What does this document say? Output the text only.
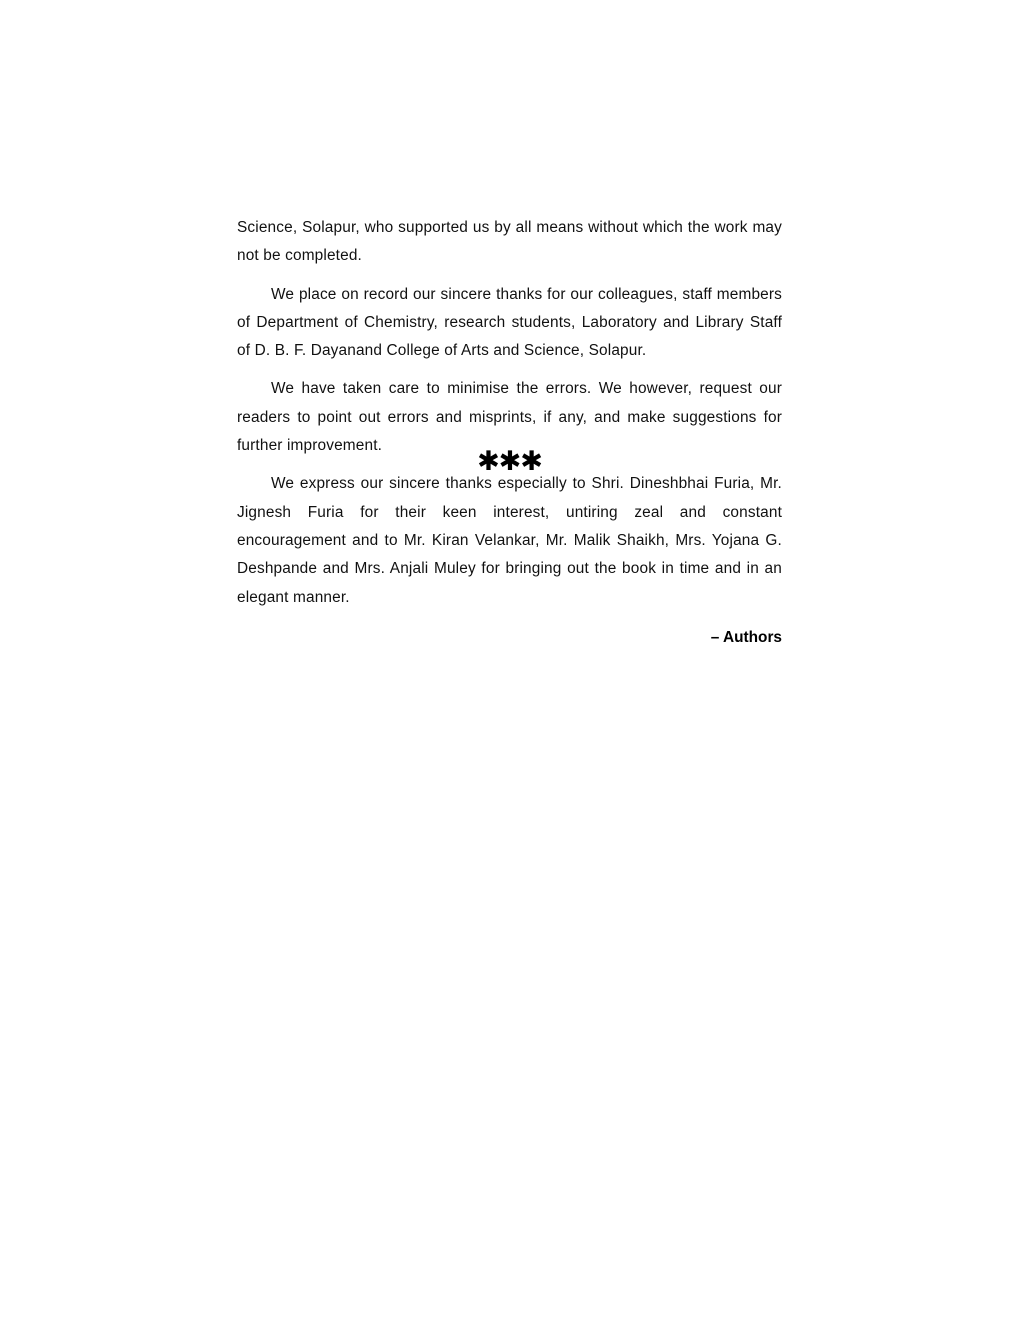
Science, Solapur, who supported us by all means without which the work may not be completed.

We place on record our sincere thanks for our colleagues, staff members of Department of Chemistry, research students, Laboratory and Library Staff of D. B. F. Dayanand College of Arts and Science, Solapur.

We have taken care to minimise the errors. We however, request our readers to point out errors and misprints, if any, and make suggestions for further improvement.

We express our sincere thanks especially to Shri. Dineshbhai Furia, Mr. Jignesh Furia for their keen interest, untiring zeal and constant encouragement and to Mr. Kiran Velankar, Mr. Malik Shaikh, Mrs. Yojana G. Deshpande and Mrs. Anjali Muley for bringing out the book in time and in an elegant manner.

– Authors
✱✱✱
